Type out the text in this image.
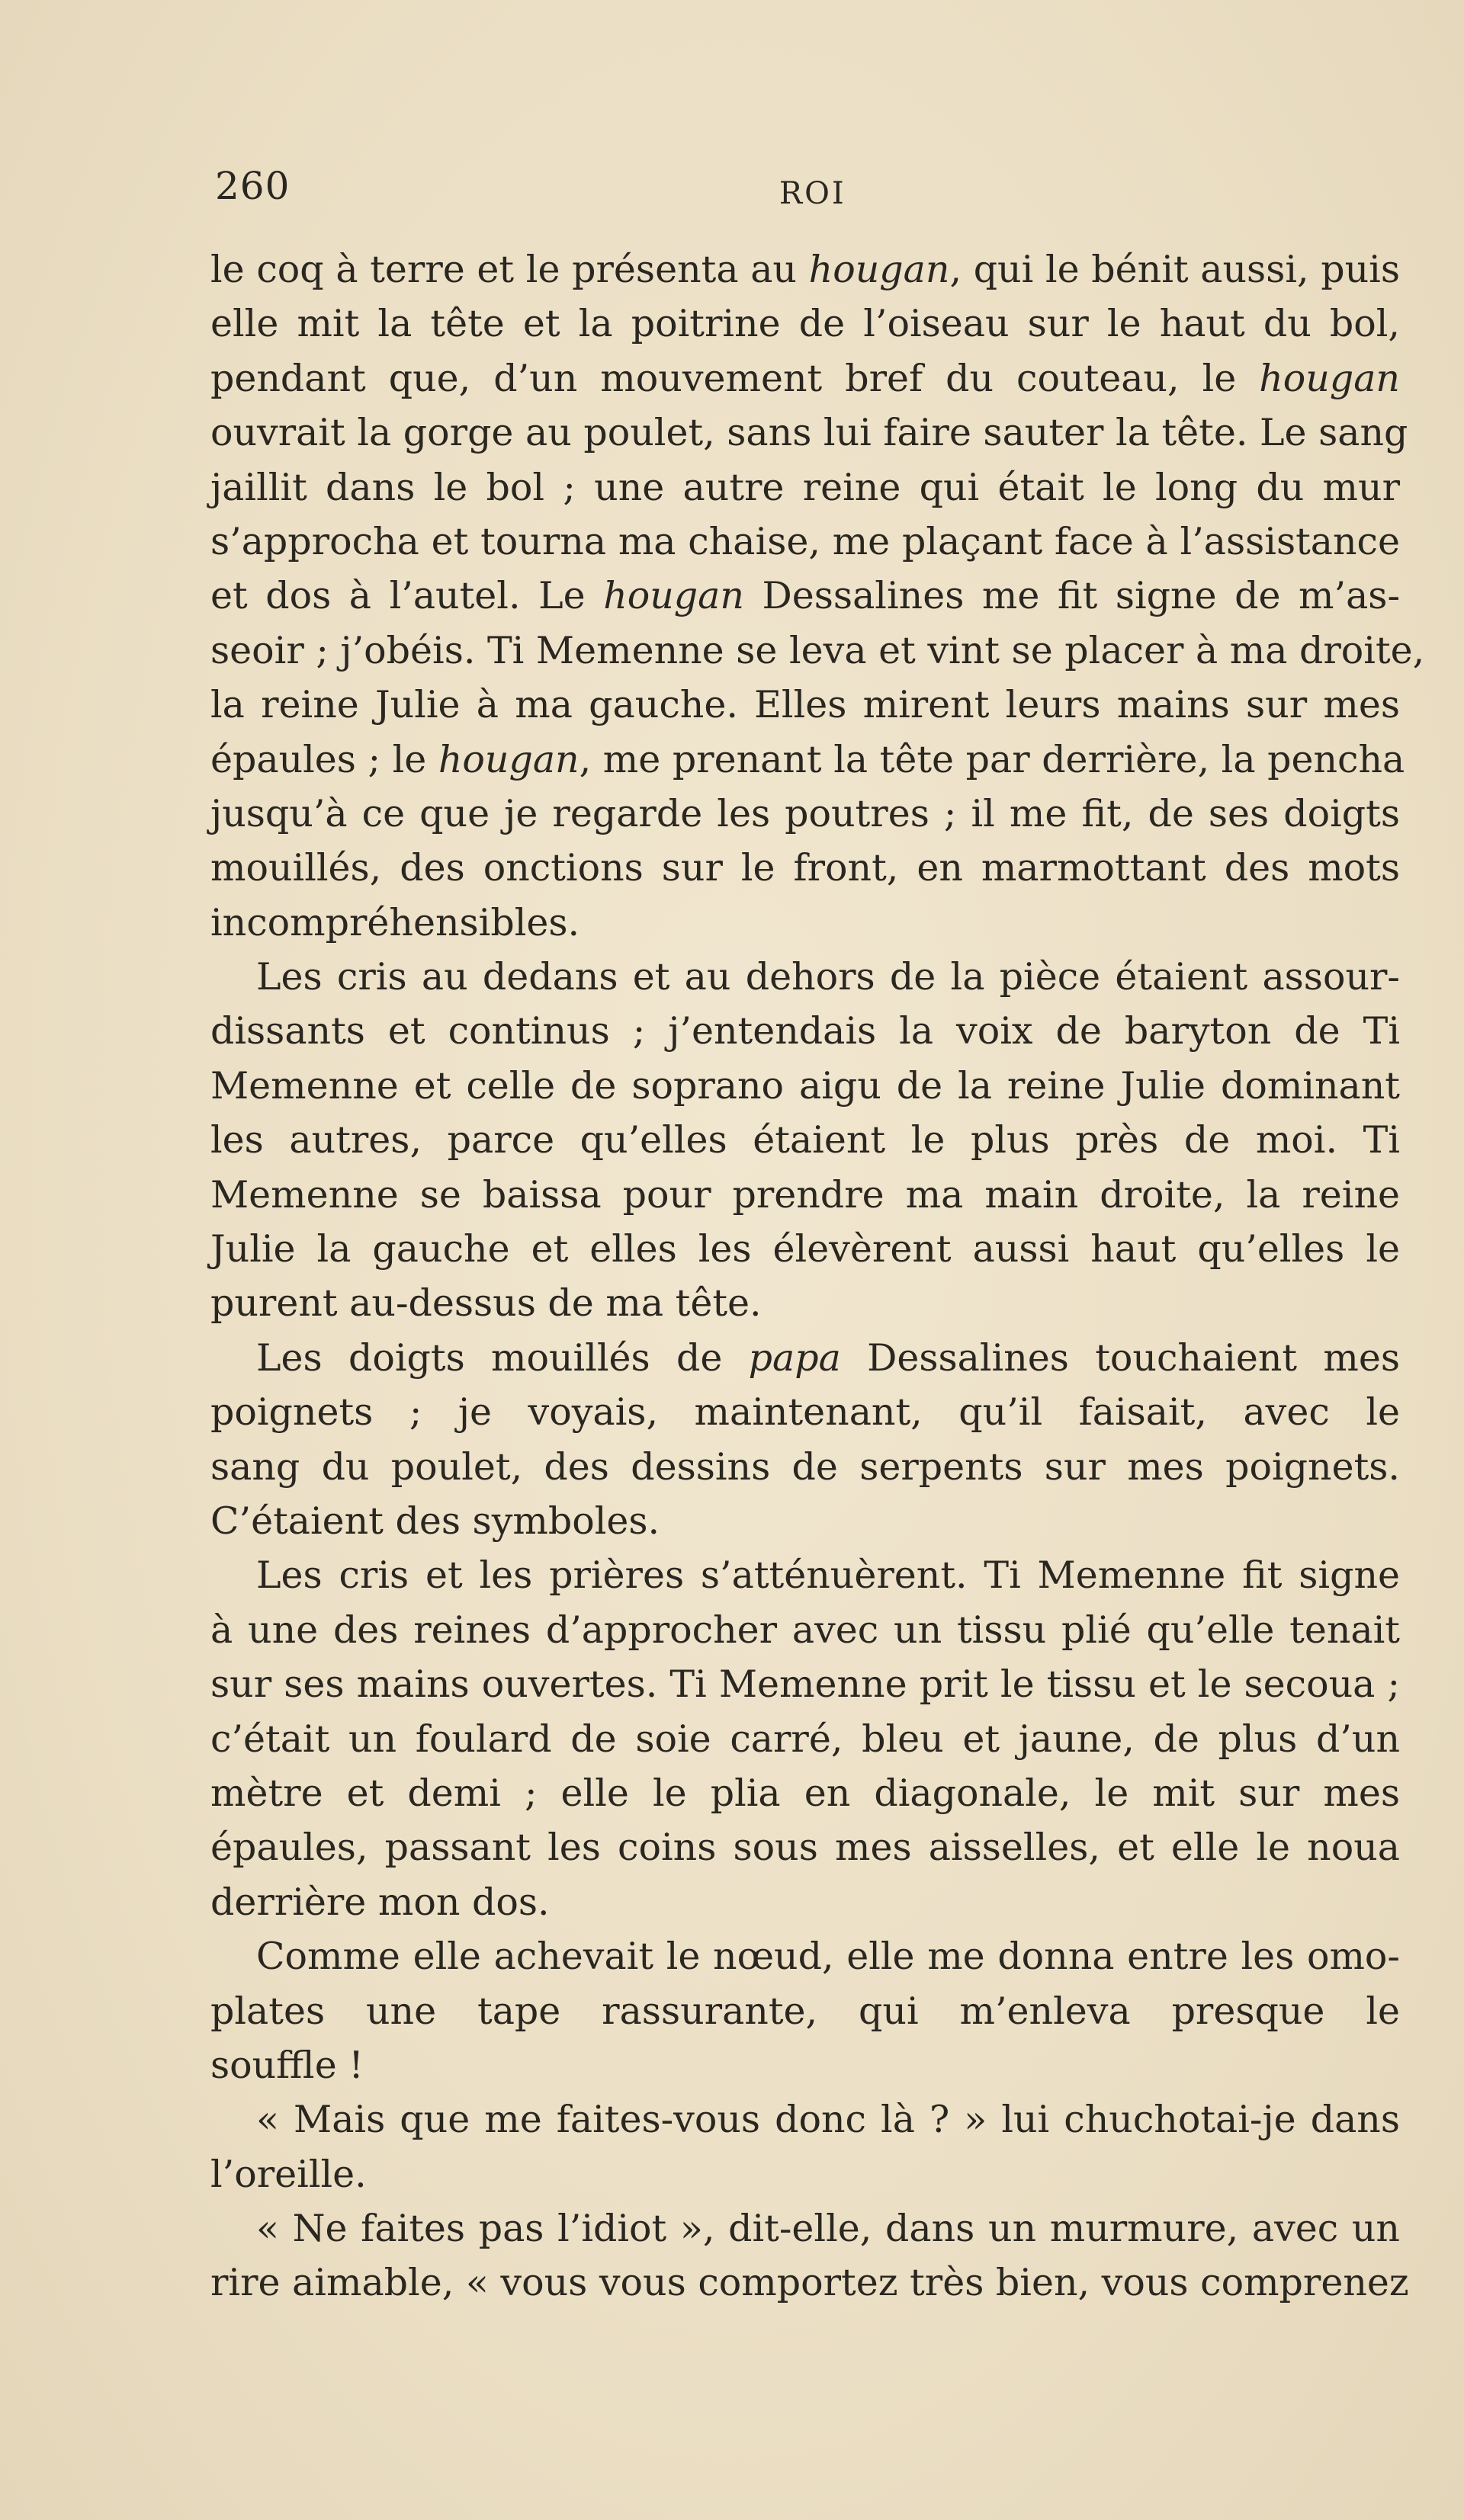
260	ROI
le coq à terre et le présenta au hougan, qui le bénit aussi, puis
elle mit la tête et la poitrine de l’oiseau sur le haut du bol,
pendant que, d’un mouvement bref du couteau, le hougan
ouvrait la gorge au poulet, sans lui faire sauter la tête. Le sang
jaillit dans le bol ; une autre reine qui était le long du mur
s’approcha et tourna ma chaise, me plaçant face à l’assistance
et dos à l’autel. Le hougan Dessalines me fit signe de m’as-
seoir ; j’obéis. Ti Memenne se leva et vint se placer à ma droite,
la reine Julie à ma gauche. Elles mirent leurs mains sur mes
épaules ; le hougan, me prenant la tête par derrière, la pencha
jusqu’à ce que je regarde les poutres ; il me fit, de ses doigts
mouillés, des onctions sur le front, en marmottant des mots
incompréhensibles.
Les cris au dedans et au dehors de la pièce étaient assour-
dissants et continus ; j’entendais la voix de baryton de Ti
Memenne et celle de soprano aigu de la reine Julie dominant
les autres, parce qu’elles étaient le plus près de moi. Ti
Memenne se baissa pour prendre ma main droite, la reine
Julie la gauche et elles les élevèrent aussi haut qu’elles le
purent au-dessus de ma tête.
Les doigts mouillés de papa Dessalines touchaient mes
poignets ; je voyais, maintenant, qu’il faisait, avec le
sang du poulet, des dessins de serpents sur mes poignets.
C’étaient des symboles.
Les cris et les prières s’atténuèrent. Ti Memenne fit signe
à une des reines d’approcher avec un tissu plié qu’elle tenait
sur ses mains ouvertes. Ti Memenne prit le tissu et le secoua ;
c’était un foulard de soie carré, bleu et jaune, de plus d’un
mètre et demi ; elle le plia en diagonale, le mit sur mes
épaules, passant les coins sous mes aisselles, et elle le noua
derrière mon dos.
Comme elle achevait le nœud, elle me donna entre les omo-
plates une tape rassurante, qui m’enleva presque le
souffle !
« Mais que me faites-vous donc là ? » lui chuchotai-je dans
l’oreille.
« Ne faites pas l’idiot », dit-elle, dans un murmure, avec un
rire aimable, « vous vous comportez très bien, vous comprenez
